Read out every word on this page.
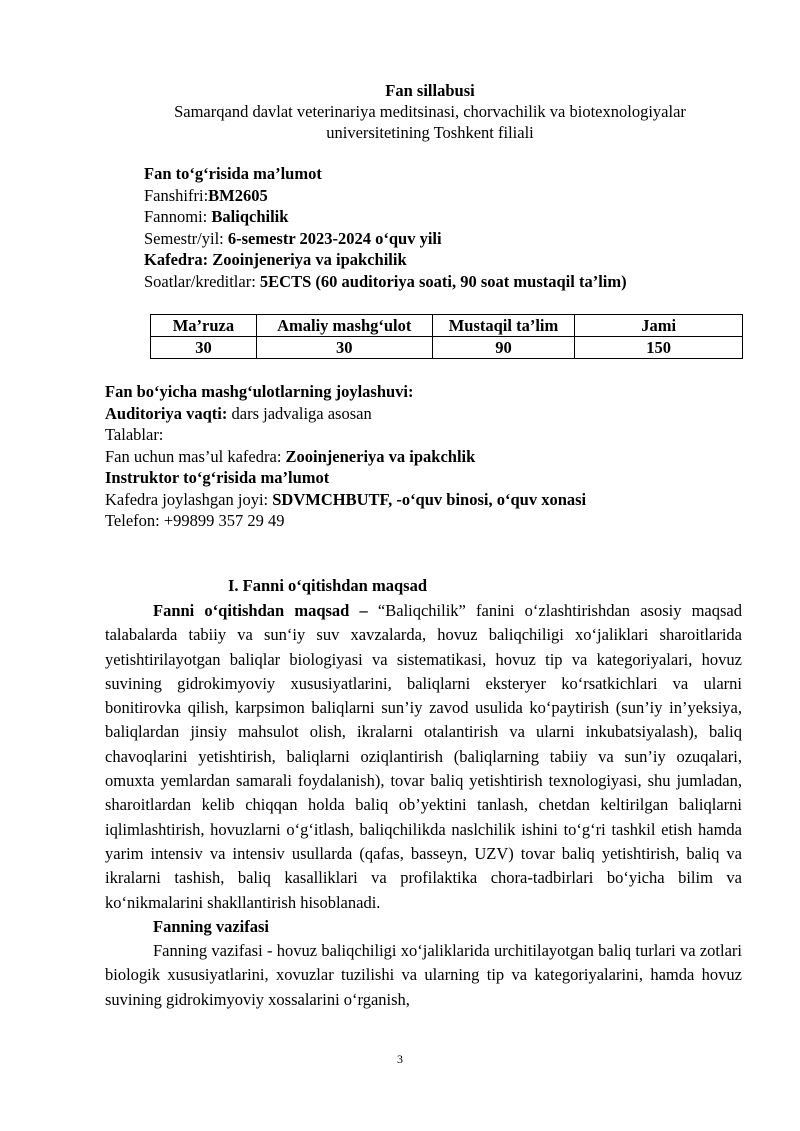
Fan sillabusi
Samarqand davlat veterinariya meditsinasi, chorvachilik va biotexnologiyalar
universitetining Toshkent filiali
Fan to‘g‘risida ma’lumot
Fanshifri:BM2605
Fannomi: Baliqchilik
Semestr/yil: 6-semestr 2023-2024 o‘quv yili
Kafedra: Zooinjeneriya va ipakchilik
Soatlar/kreditlar: 5ECTS (60 auditoriya soati, 90 soat mustaqil ta’lim)
Ma’ruza	Amaliy mashg‘ulot	Mustaqil ta’lim	Jami
30	30	90	150
Fan bo‘yicha mashg‘ulotlarning joylashuvi:
Auditoriya vaqti: dars jadvaliga asosan
Talablar:
Fan uchun mas’ul kafedra: Zooinjeneriya va ipakchlik
Instruktor to‘g‘risida ma’lumot
Kafedra joylashgan joyi: SDVMCHBUTF, -o‘quv binosi, o‘quv xonasi
Telefon: +99899 357 29 49
I. Fanni o‘qitishdan maqsad

Fanni o‘qitishdan maqsad – “Baliqchilik” fanini o‘zlashtirishdan asosiy maqsad talabalarda tabiiy va sun‘iy suv xavzalarda, hovuz baliqchiligi xo‘jaliklari sharoitlarida yetishtirilayotgan baliqlar biologiyasi va sistematikasi, hovuz tip va kategoriyalari, hovuz suvining gidrokimyoviy xususiyatlarini, baliqlarni eksteryer ko‘rsatkichlari va ularni bonitirovka qilish, karpsimon baliqlarni sun’iy zavod usulida ko‘paytirish (sun’iy in’yeksiya, baliqlardan jinsiy mahsulot olish, ikralarni otalantirish va ularni inkubatsiyalash), baliq chavoqlarini yetishtirish, baliqlarni oziqlantirish (baliqlarning tabiiy va sun’iy ozuqalari, omuxta yemlardan samarali foydalanish), tovar baliq yetishtirish texnologiyasi, shu jumladan, sharoitlardan kelib chiqqan holda baliq ob’yektini tanlash, chetdan keltirilgan baliqlarni iqlimlashtirish, hovuzlarni o‘g‘itlash, baliqchilikda naslchilik ishini to‘g‘ri tashkil etish hamda yarim intensiv va intensiv usullarda (qafas, basseyn, UZV) tovar baliq yetishtirish, baliq va ikralarni tashish, baliq kasalliklari va profilaktika chora-tadbirlari bo‘yicha bilim va ko‘nikmalarini shakllantirish hisoblanadi.

Fanning vazifasi

Fanning vazifasi - hovuz baliqchiligi xo‘jaliklarida urchitilayotgan baliq turlari va zotlari biologik xususiyatlarini, xovuzlar tuzilishi va ularning tip va kategoriyalarini, hamda hovuz suvining gidrokimyoviy xossalarini o‘rganish,

3
